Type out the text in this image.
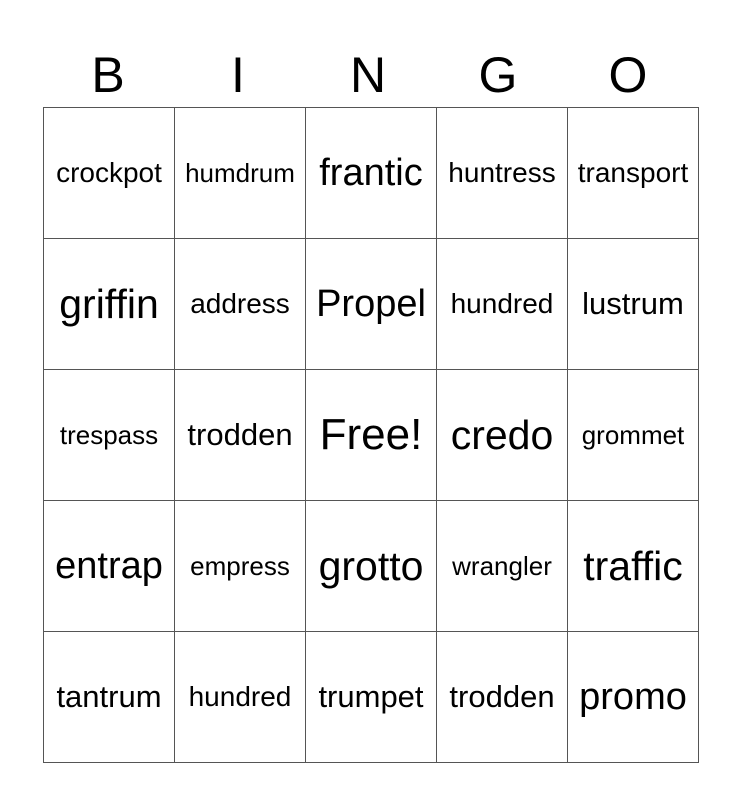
B	I	N	G	O
crockpot	humdrum	frantic	huntress	transport
griffin	address	Propel	hundred	lustrum
trespass	trodden	Free!	credo	grommet
entrap	empress	grotto	wrangler	traffic
tantrum	hundred	trumpet	trodden	promo
